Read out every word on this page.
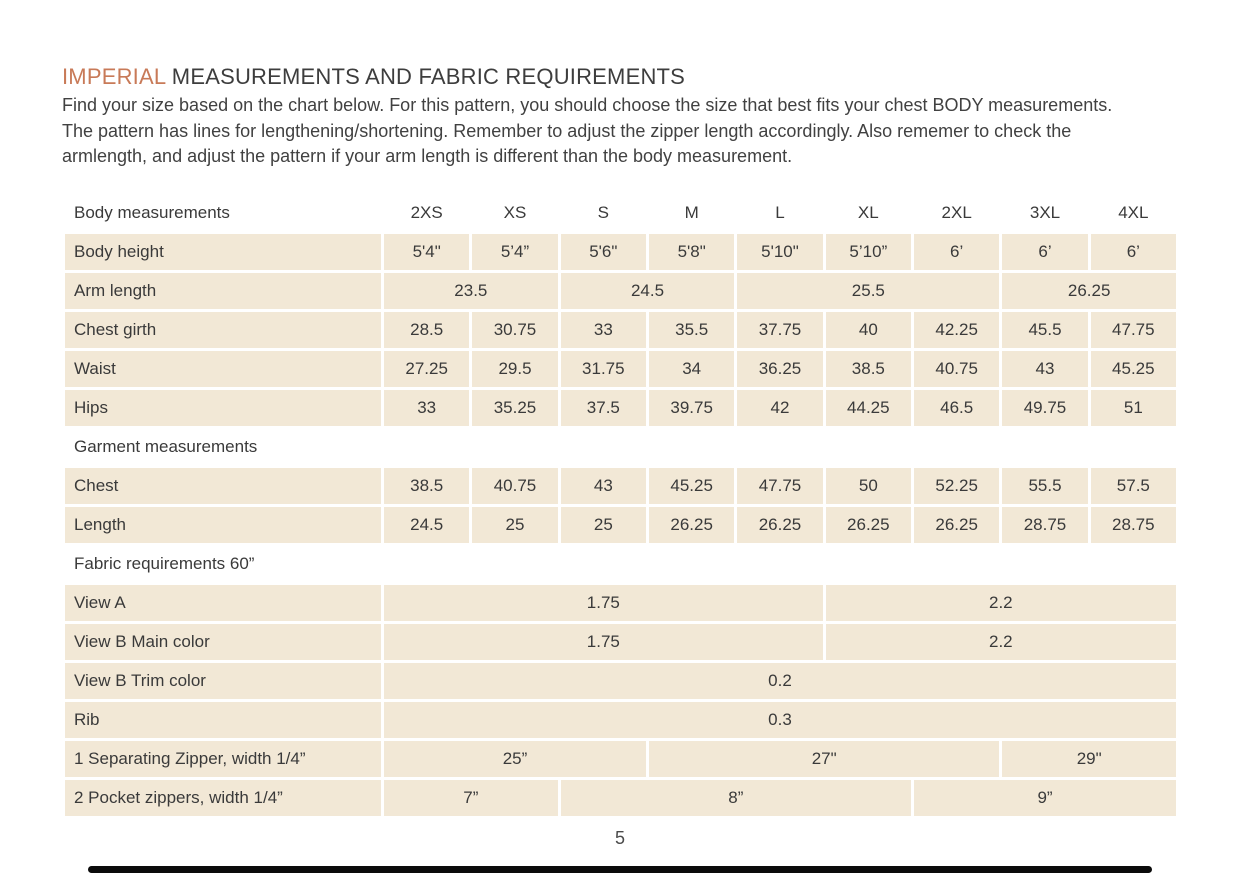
IMPERIAL MEASUREMENTS AND FABRIC REQUIREMENTS
Find your size based on the chart below. For this pattern, you should choose the size that best fits your chest BODY measurements. The pattern has lines for lengthening/shortening. Remember to adjust the zipper length accordingly. Also rememer to check the armlength, and adjust the pattern if your arm length is different than the body measurement.
Body measurements	2XS	XS	S	M	L	XL	2XL	3XL	4XL
Body height	5'4"	5’4”	5'6"	5'8"	5'10"	5’10”	6’	6’	6’
Arm length	23.5	24.5	25.5	26.25
Chest girth	28.5	30.75	33	35.5	37.75	40	42.25	45.5	47.75
Waist	27.25	29.5	31.75	34	36.25	38.5	40.75	43	45.25
Hips	33	35.25	37.5	39.75	42	44.25	46.5	49.75	51
Garment measurements
Chest	38.5	40.75	43	45.25	47.75	50	52.25	55.5	57.5
Length	24.5	25	25	26.25	26.25	26.25	26.25	28.75	28.75
Fabric requirements 60”
View A	1.75	2.2
View B Main color	1.75	2.2
View B Trim color	0.2
Rib	0.3
1 Separating Zipper, width 1/4”	25”	27"	29"
2 Pocket zippers, width 1/4”	7”	8”	9”
5
